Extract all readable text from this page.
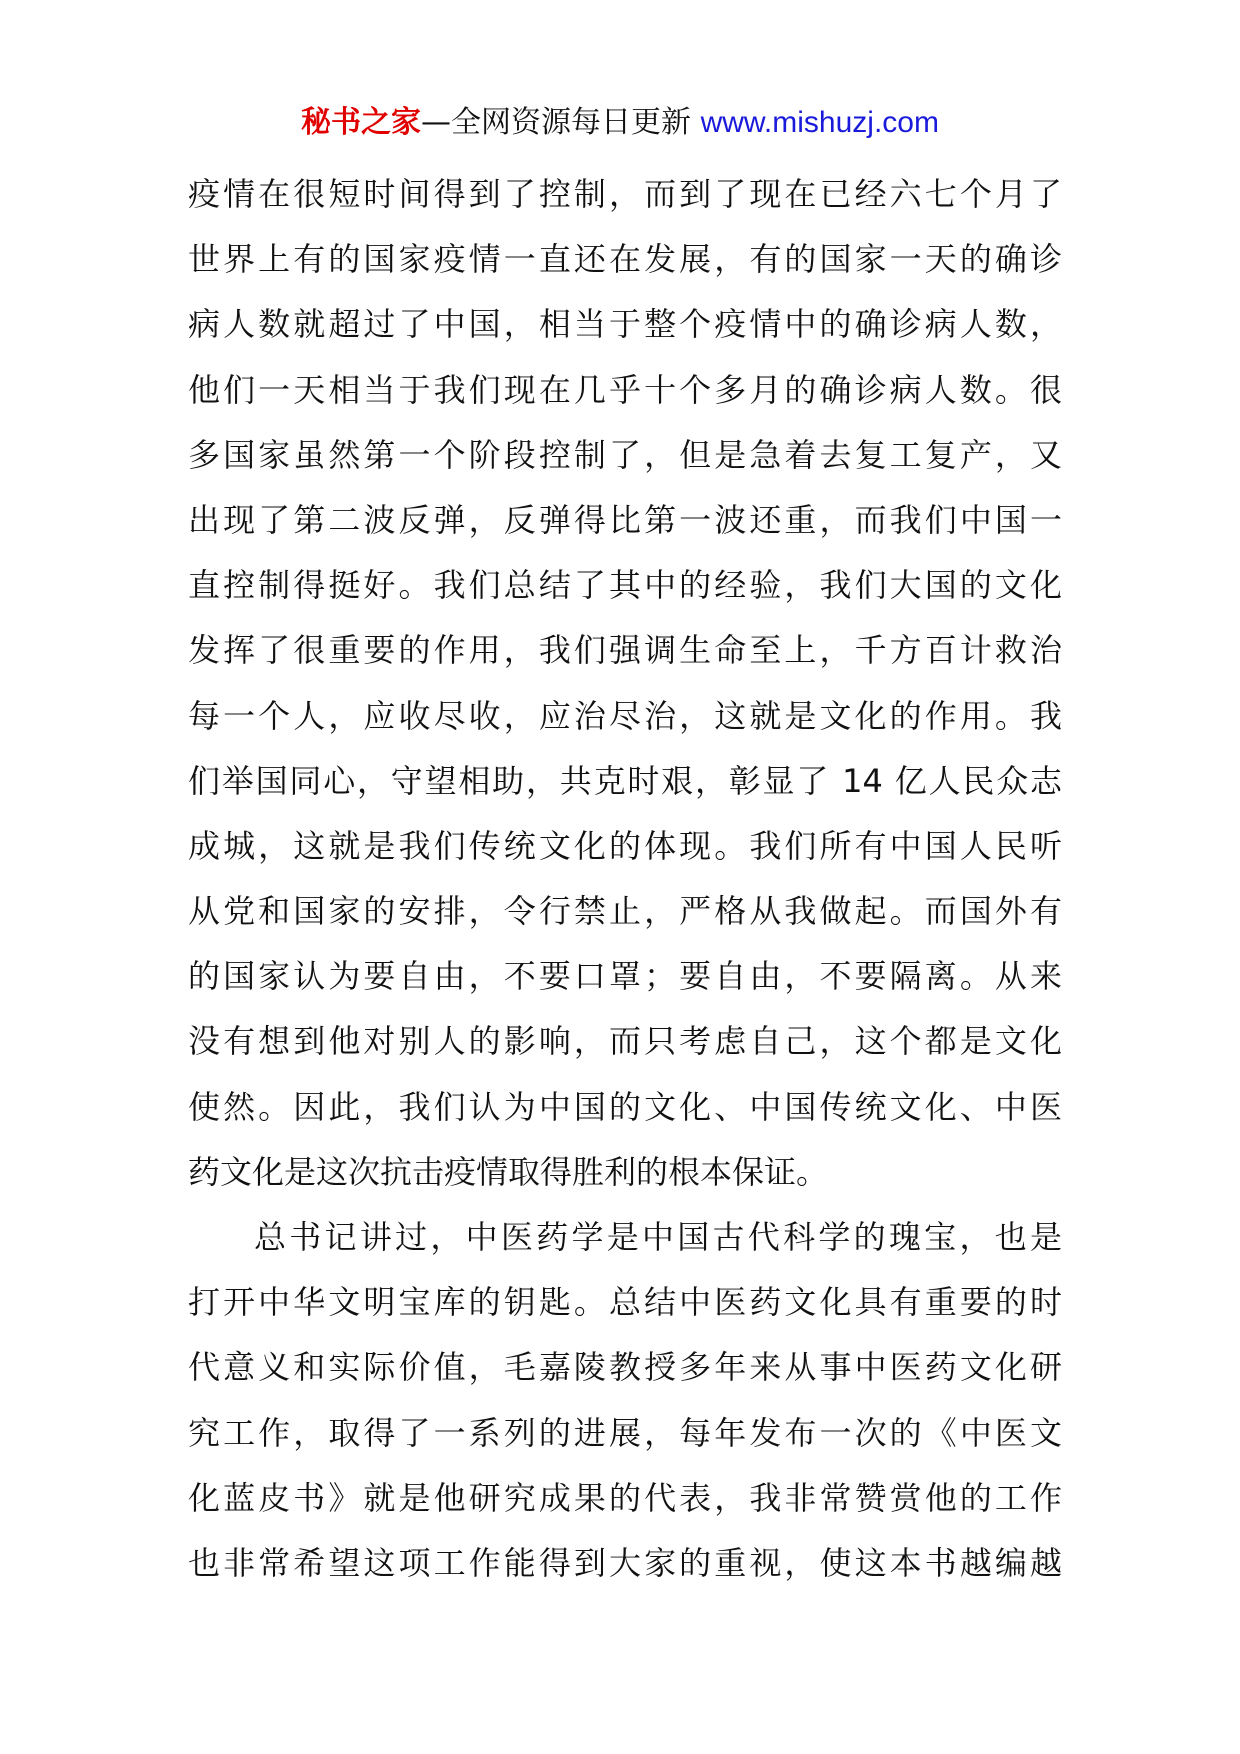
秘书之家—全网资源每日更新 www.mishuzj.com
疫情在很短时间得到了控制，而到了现在已经六七个月了
世界上有的国家疫情一直还在发展，有的国家一天的确诊
病人数就超过了中国，相当于整个疫情中的确诊病人数，
他们一天相当于我们现在几乎十个多月的确诊病人数。很
多国家虽然第一个阶段控制了，但是急着去复工复产，又
出现了第二波反弹，反弹得比第一波还重，而我们中国一
直控制得挺好。我们总结了其中的经验，我们大国的文化
发挥了很重要的作用，我们强调生命至上，千方百计救治
每一个人，应收尽收，应治尽治，这就是文化的作用。我
们举国同心，守望相助，共克时艰，彰显了 14 亿人民众志
成城，这就是我们传统文化的体现。我们所有中国人民听
从党和国家的安排，令行禁止，严格从我做起。而国外有
的国家认为要自由，不要口罩；要自由，不要隔离。从来
没有想到他对别人的影响，而只考虑自己，这个都是文化
使然。因此，我们认为中国的文化、中国传统文化、中医
药文化是这次抗击疫情取得胜利的根本保证。
总书记讲过，中医药学是中国古代科学的瑰宝，也是
打开中华文明宝库的钥匙。总结中医药文化具有重要的时
代意义和实际价值，毛嘉陵教授多年来从事中医药文化研
究工作，取得了一系列的进展，每年发布一次的《中医文
化蓝皮书》就是他研究成果的代表，我非常赞赏他的工作
也非常希望这项工作能得到大家的重视，使这本书越编越
